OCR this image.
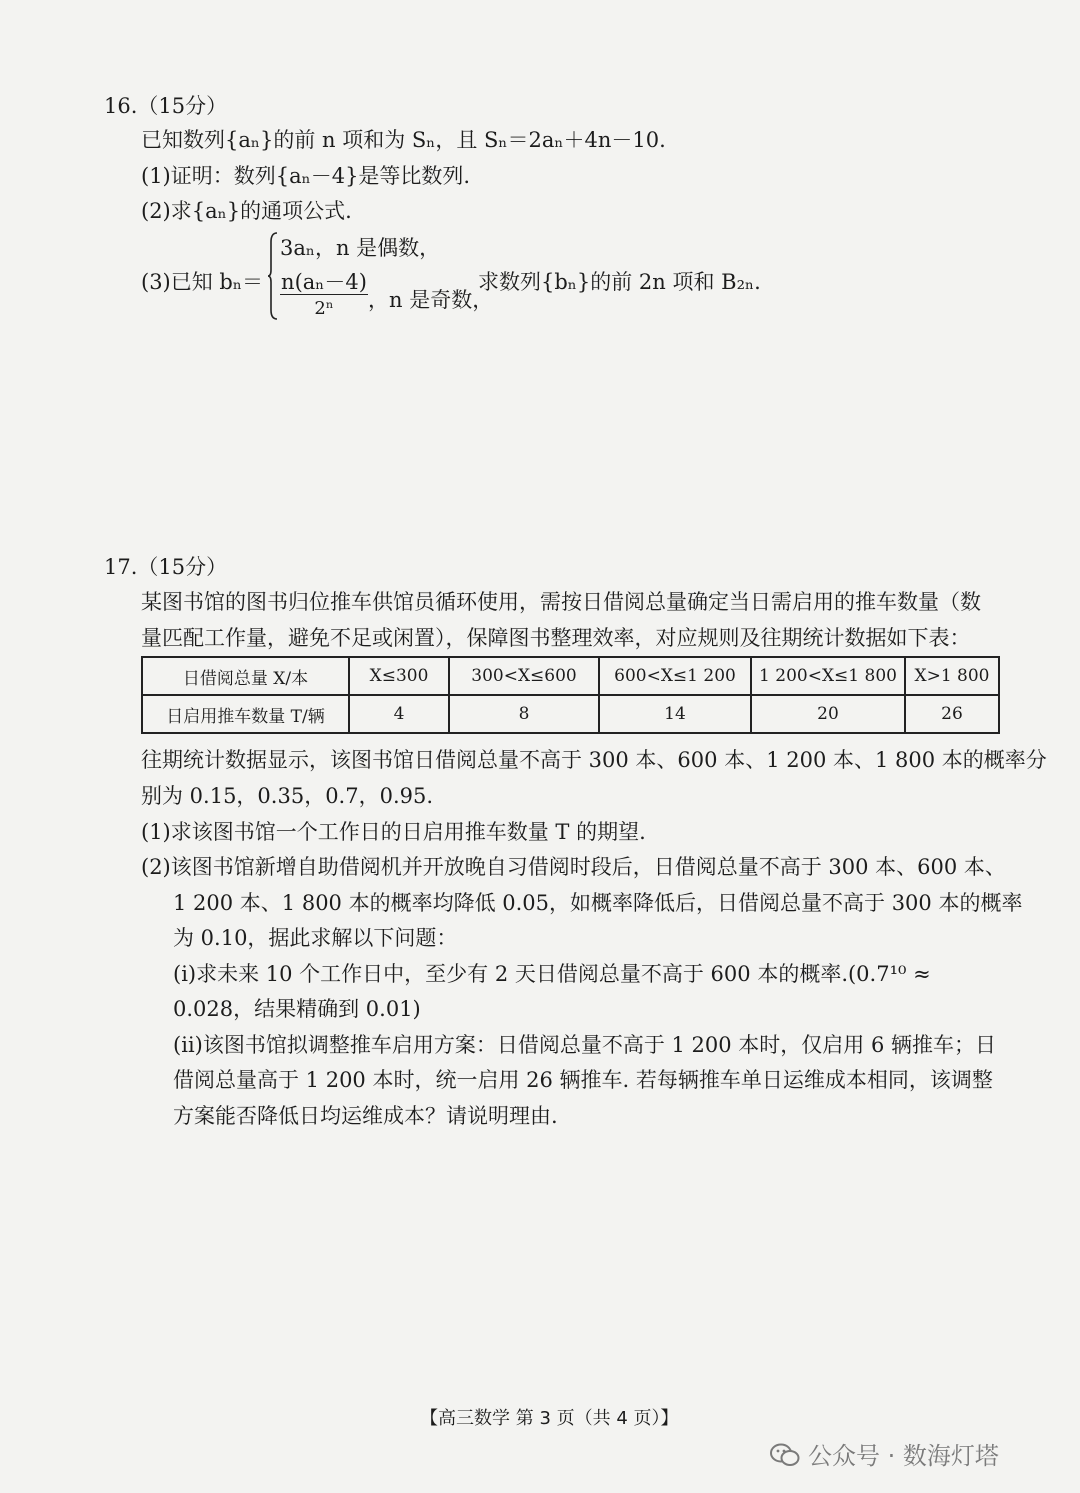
16.（15分）
已知数列{aₙ}的前 n 项和为 Sₙ，且 Sₙ＝2aₙ＋4n－10.
(1)证明：数列{aₙ－4}是等比数列.
(2)求{aₙ}的通项公式.
(3)已知 bₙ＝
3aₙ，n 是偶数，
n(aₙ－4)
2ⁿ	，n 是奇数，
求数列{bₙ}的前 2n 项和 B₂ₙ.
17.（15分）
某图书馆的图书归位推车供馆员循环使用，需按日借阅总量确定当日需启用的推车数量（数
量匹配工作量，避免不足或闲置），保障图书整理效率，对应规则及往期统计数据如下表：
日借阅总量 X/本	X≤300	300<X≤600	600<X≤1 200	1 200<X≤1 800	X>1 800
日启用推车数量 T/辆	4	8	14	20	26
往期统计数据显示，该图书馆日借阅总量不高于 300 本、600 本、1 200 本、1 800 本的概率分
别为 0.15，0.35，0.7，0.95.
(1)求该图书馆一个工作日的日启用推车数量 T 的期望.
(2)该图书馆新增自助借阅机并开放晚自习借阅时段后，日借阅总量不高于 300 本、600 本、
1 200 本、1 800 本的概率均降低 0.05，如概率降低后，日借阅总量不高于 300 本的概率
为 0.10，据此求解以下问题：
(ⅰ)求未来 10 个工作日中，至少有 2 天日借阅总量不高于 600 本的概率.(0.7¹⁰ ≈
0.028，结果精确到 0.01)
(ⅱ)该图书馆拟调整推车启用方案：日借阅总量不高于 1 200 本时，仅启用 6 辆推车；日
借阅总量高于 1 200 本时，统一启用 26 辆推车. 若每辆推车单日运维成本相同，该调整
方案能否降低日均运维成本？请说明理由.
【高三数学 第 3 页（共 4 页）】
公众号 · 数海灯塔
